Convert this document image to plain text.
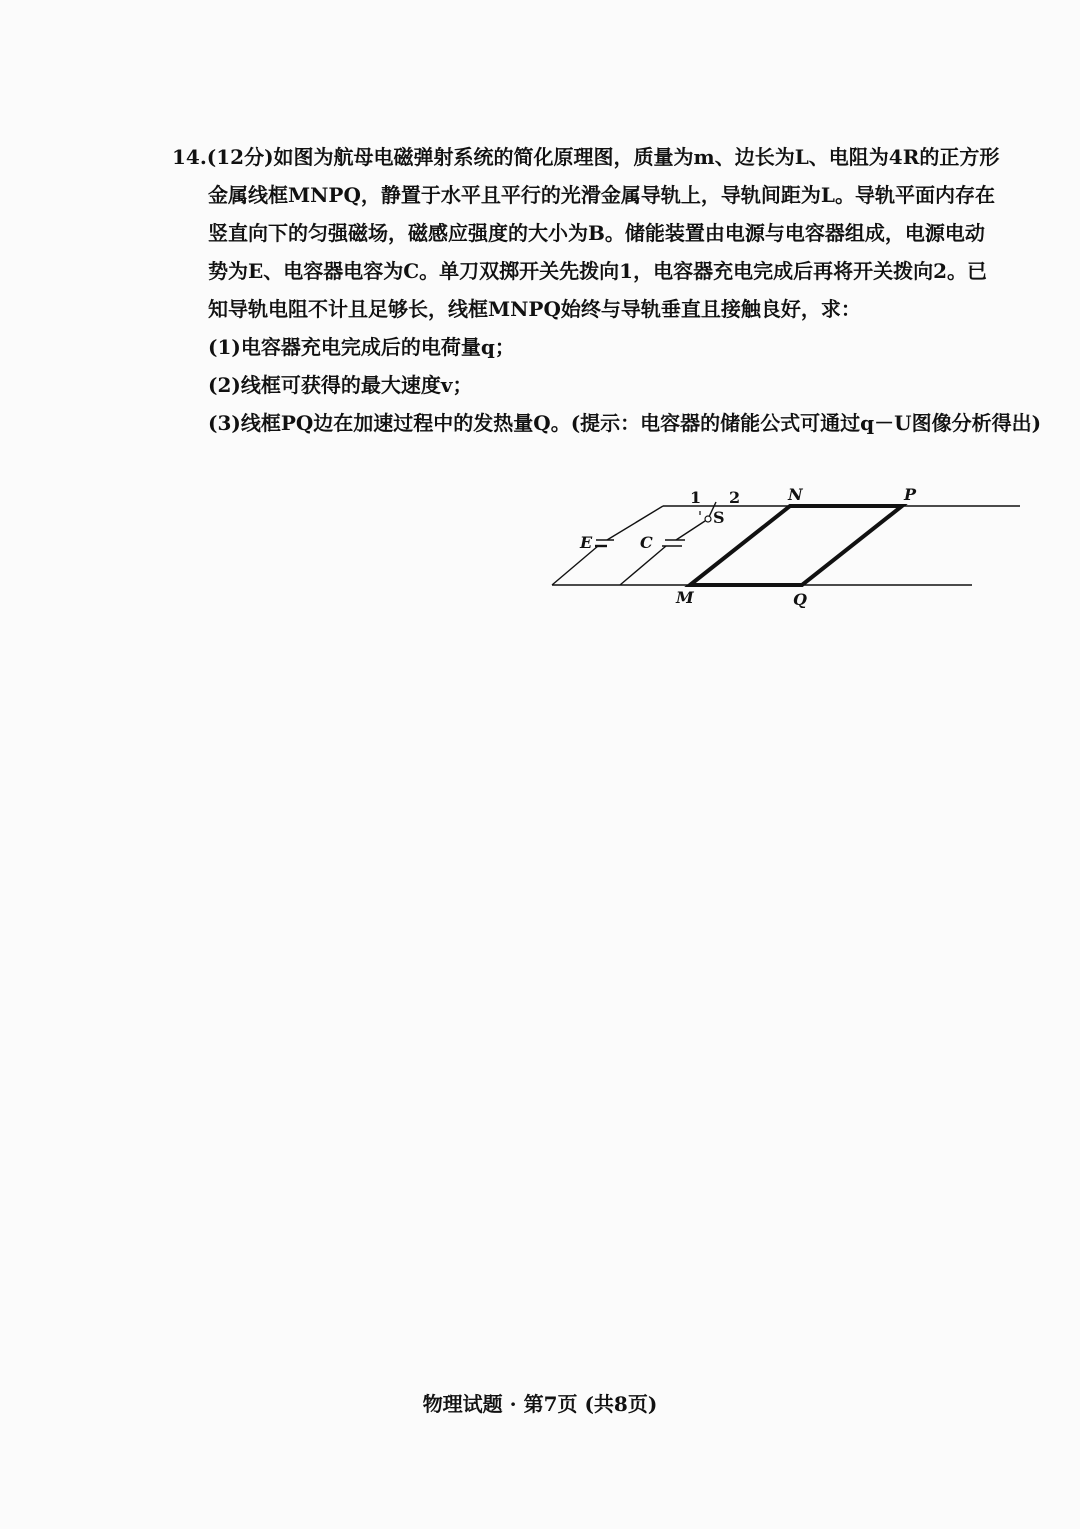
14.(12分)如图为航母电磁弹射系统的简化原理图，质量为m、边长为L、电阻为4R的正方形
金属线框MNPQ，静置于水平且平行的光滑金属导轨上，导轨间距为L。导轨平面内存在
竖直向下的匀强磁场，磁感应强度的大小为B。储能装置由电源与电容器组成，电源电动
势为E、电容器电容为C。单刀双掷开关先拨向1，电容器充电完成后再将开关拨向2。已
知导轨电阻不计且足够长，线框MNPQ始终与导轨垂直且接触良好，求：
(1)电容器充电完成后的电荷量q；
(2)线框可获得的最大速度v；
(3)线框PQ边在加速过程中的发热量Q。(提示：电容器的储能公式可通过q－U图像分析得出)
1 2
S
E	C
N	P
M	Q
物理试题 · 第7页 (共8页)
